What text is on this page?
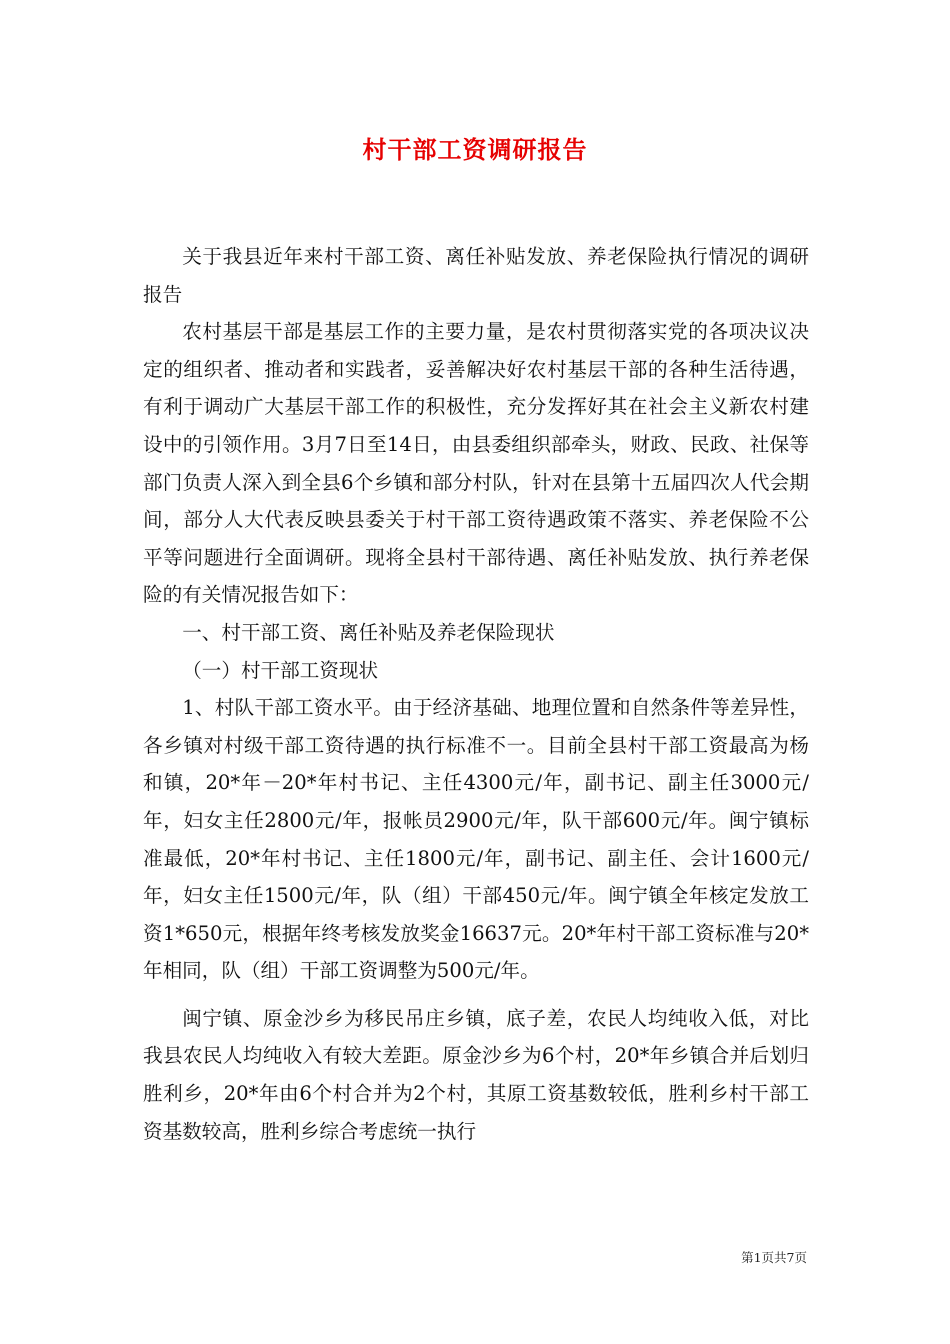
村干部工资调研报告

关于我县近年来村干部工资、离任补贴发放、养老保险执行情况的调研报告

农村基层干部是基层工作的主要力量，是农村贯彻落实党的各项决议决定的组织者、推动者和实践者，妥善解决好农村基层干部的各种生活待遇，有利于调动广大基层干部工作的积极性，充分发挥好其在社会主义新农村建设中的引领作用。3月7日至14日，由县委组织部牵头，财政、民政、社保等部门负责人深入到全县6个乡镇和部分村队，针对在县第十五届四次人代会期间，部分人大代表反映县委关于村干部工资待遇政策不落实、养老保险不公平等问题进行全面调研。现将全县村干部待遇、离任补贴发放、执行养老保险的有关情况报告如下：

一、村干部工资、离任补贴及养老保险现状

（一）村干部工资现状

1、村队干部工资水平。由于经济基础、地理位置和自然条件等差异性，各乡镇对村级干部工资待遇的执行标准不一。目前全县村干部工资最高为杨和镇，20*年－20*年村书记、主任4300元/年，副书记、副主任3000元/年，妇女主任2800元/年，报帐员2900元/年，队干部600元/年。闽宁镇标准最低，20*年村书记、主任1800元/年，副书记、副主任、会计1600元/年，妇女主任1500元/年，队（组）干部450元/年。闽宁镇全年核定发放工资1*650元，根据年终考核发放奖金16637元。20*年村干部工资标准与20*年相同，队（组）干部工资调整为500元/年。

闽宁镇、原金沙乡为移民吊庄乡镇，底子差，农民人均纯收入低，对比我县农民人均纯收入有较大差距。原金沙乡为6个村，20*年乡镇合并后划归胜利乡，20*年由6个村合并为2个村，其原工资基数较低，胜利乡村干部工资基数较高，胜利乡综合考虑统一执行

第1页共7页
